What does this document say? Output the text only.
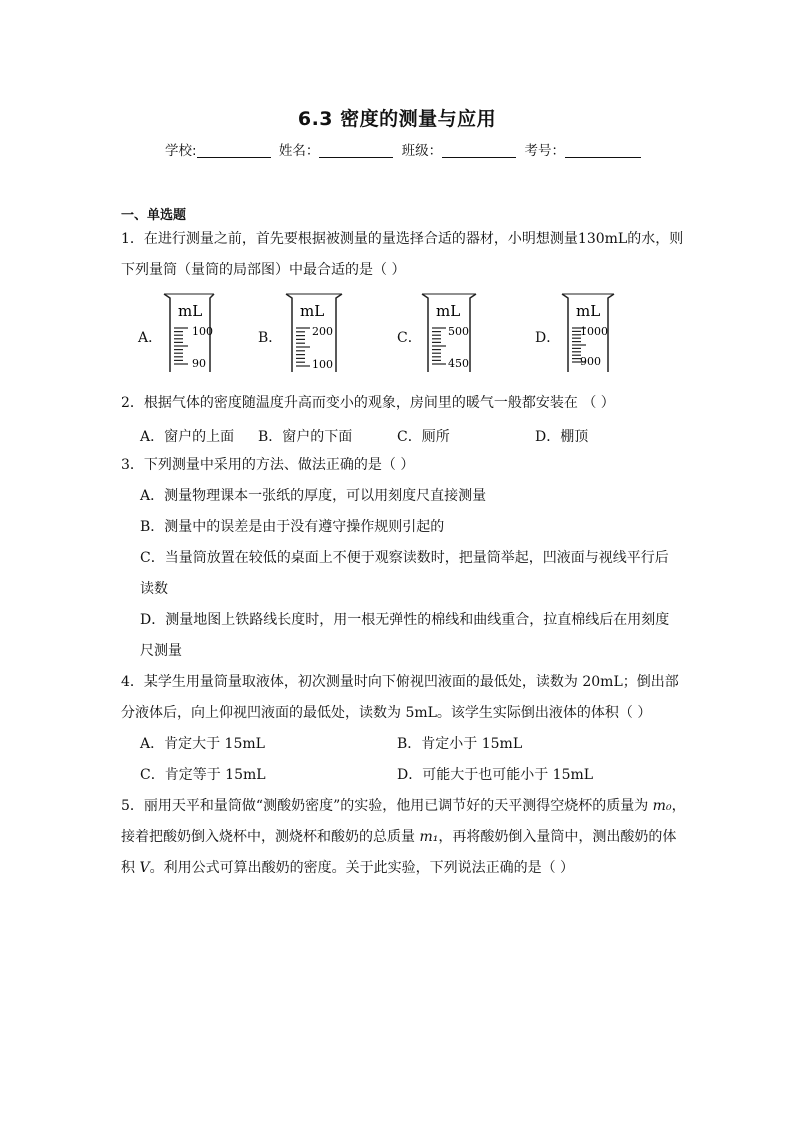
6.3 密度的测量与应用
学校:	姓名：	班级：	考号：
一、单选题
1．在进行测量之前，首先要根据被测量的量选择合适的器材，小明想测量130mL的水，则
下列量筒（量筒的局部图）中最合适的是（ ）
A．
mL
100
90
B．
mL
200
100
C．
mL
500
450
D．
mL
1000
900
2．根据气体的密度随温度升高而变小的观象，房间里的暖气一般都安装在 （ ）
A．窗户的上面 B．窗户的下面	C．厕所	D．棚顶
3．下列测量中采用的方法、做法正确的是（ ）
A．测量物理课本一张纸的厚度，可以用刻度尺直接测量
B．测量中的误差是由于没有遵守操作规则引起的
C．当量筒放置在较低的桌面上不便于观察读数时，把量筒举起，凹液面与视线平行后
读数
D．测量地图上铁路线长度时，用一根无弹性的棉线和曲线重合，拉直棉线后在用刻度
尺测量
4．某学生用量筒量取液体，初次测量时向下俯视凹液面的最低处，读数为 20mL；倒出部
分液体后，向上仰视凹液面的最低处，读数为 5mL。该学生实际倒出液体的体积（ ）
A．肯定大于 15mL	B．肯定小于 15mL
C．肯定等于 15mL	D．可能大于也可能小于 15mL
5．丽用天平和量筒做“测酸奶密度”的实验，他用已调节好的天平测得空烧杯的质量为 m₀，
接着把酸奶倒入烧杯中，测烧杯和酸奶的总质量 m₁，再将酸奶倒入量筒中，测出酸奶的体
积 V。利用公式可算出酸奶的密度。关于此实验，下列说法正确的是（ ）
